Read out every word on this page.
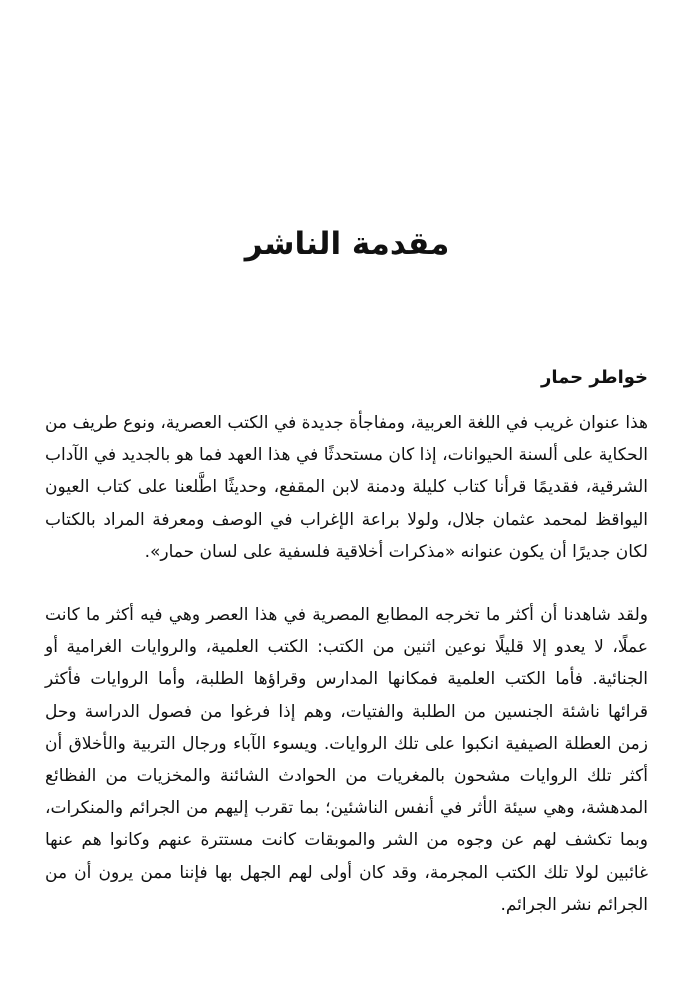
مقدمة الناشر
خواطر حمار

هذا عنوان غريب في اللغة العربية، ومفاجأة جديدة في الكتب العصرية، ونوع طريف من الحكاية على ألسنة الحيوانات، إذا كان مستحدثًا في هذا العهد فما هو بالجديد في الآداب الشرقية، فقديمًا قرأنا كتاب كليلة ودمنة لابن المقفع، وحديثًا اطَّلعنا على كتاب العيون اليواقظ لمحمد عثمان جلال، ولولا براعة الإغراب في الوصف ومعرفة المراد بالكتاب لكان جديرًا أن يكون عنوانه «مذكرات أخلاقية فلسفية على لسان حمار».

ولقد شاهدنا أن أكثر ما تخرجه المطابع المصرية في هذا العصر وهي فيه أكثر ما كانت عملًا، لا يعدو إلا قليلًا نوعين اثنين من الكتب: الكتب العلمية، والروايات الغرامية أو الجنائية. فأما الكتب العلمية فمكانها المدارس وقراؤها الطلبة، وأما الروايات فأكثر قرائها ناشئة الجنسين من الطلبة والفتيات، وهم إذا فرغوا من فصول الدراسة وحل زمن العطلة الصيفية انكبوا على تلك الروايات. ويسوء الآباء ورجال التربية والأخلاق أن أكثر تلك الروايات مشحون بالمغريات من الحوادث الشائنة والمخزيات من الفظائع المدهشة، وهي سيئة الأثر في أنفس الناشئين؛ بما تقرب إليهم من الجرائم والمنكرات، وبما تكشف لهم عن وجوه من الشر والموبقات كانت مستترة عنهم وكانوا هم عنها غائبين لولا تلك الكتب المجرمة، وقد كان أولى لهم الجهل بها فإننا ممن يرون أن من الجرائم نشر الجرائم.
